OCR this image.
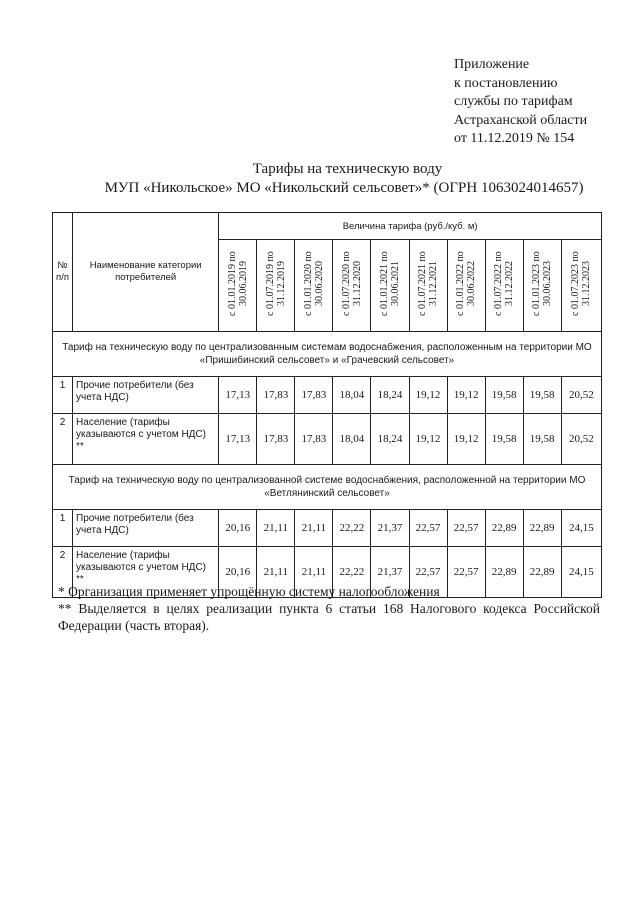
Приложение
к постановлению
службы по тарифам
Астраханской области
от 11.12.2019 № 154
Тарифы на техническую воду
МУП «Никольское» МО «Никольский сельсовет»* (ОГРН 1063024014657)
№ п/п	Наименование категории потребителей	Величина тарифа (руб./куб. м)									
		с 01.01.2019 по 30.06.2019	с 01.07.2019 по 31.12.2019	с 01.01.2020 по 30.06.2020	с 01.07.2020 по 31.12.2020	с 01.01.2021 по 30.06.2021	с 01.07.2021 по 31.12.2021	с 01.01.2022 по 30.06.2022	с 01.07.2022 по 31.12.2022	с 01.01.2023 по 30.06.2023	с 01.07.2023 по 31.12.2023
Тариф на техническую воду по централизованным системам водоснабжения, расположенным на территории МО «Пришибинский сельсовет» и «Грачевский сельсовет»											
1	Прочие потребители (без учета НДС)	17,13	17,83	17,83	18,04	18,24	19,12	19,12	19,58	19,58	20,52
2	Население (тарифы указываются с учетом НДС) **	17,13	17,83	17,83	18,04	18,24	19,12	19,12	19,58	19,58	20,52
Тариф на техническую воду по централизованной системе водоснабжения, расположенной на территории МО «Ветлянинский сельсовет»											
1	Прочие потребители (без учета НДС)	20,16	21,11	21,11	22,22	21,37	22,57	22,57	22,89	22,89	24,15
2	Население (тарифы указываются с учетом НДС) **	20,16	21,11	21,11	22,22	21,37	22,57	22,57	22,89	22,89	24,15

* Организация применяет упрощённую систему налогообложения

** Выделяется в целях реализации пункта 6 статьи 168 Налогового кодекса Российской Федерации (часть вторая).
